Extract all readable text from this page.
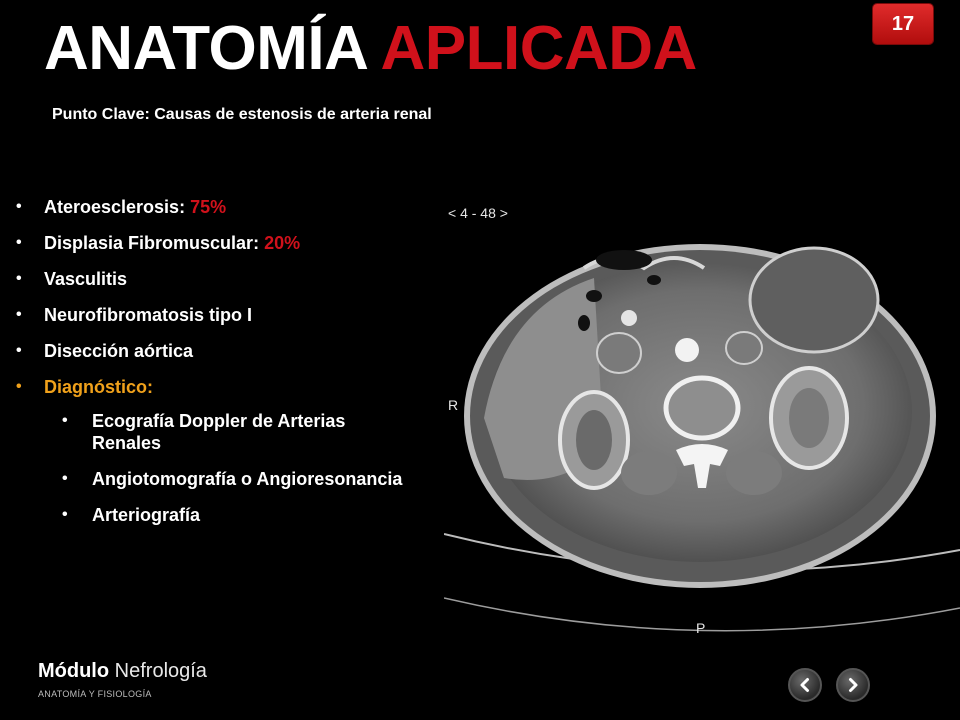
ANATOMÍA APLICADA	17
Punto Clave: Causas de estenosis de arteria renal
• Ateroesclerosis: 75%
• Displasia Fibromuscular: 20%
• Vasculitis
• Neurofibromatosis tipo I
• Disección aórtica
• Diagnóstico:
• Ecografía Doppler de Arterias Renales
• Angiotomografía o Angioresonancia
• Arteriografía
< 4 - 48 >
R
P
Módulo Nefrología
ANATOMÍA Y FISIOLOGÍA
